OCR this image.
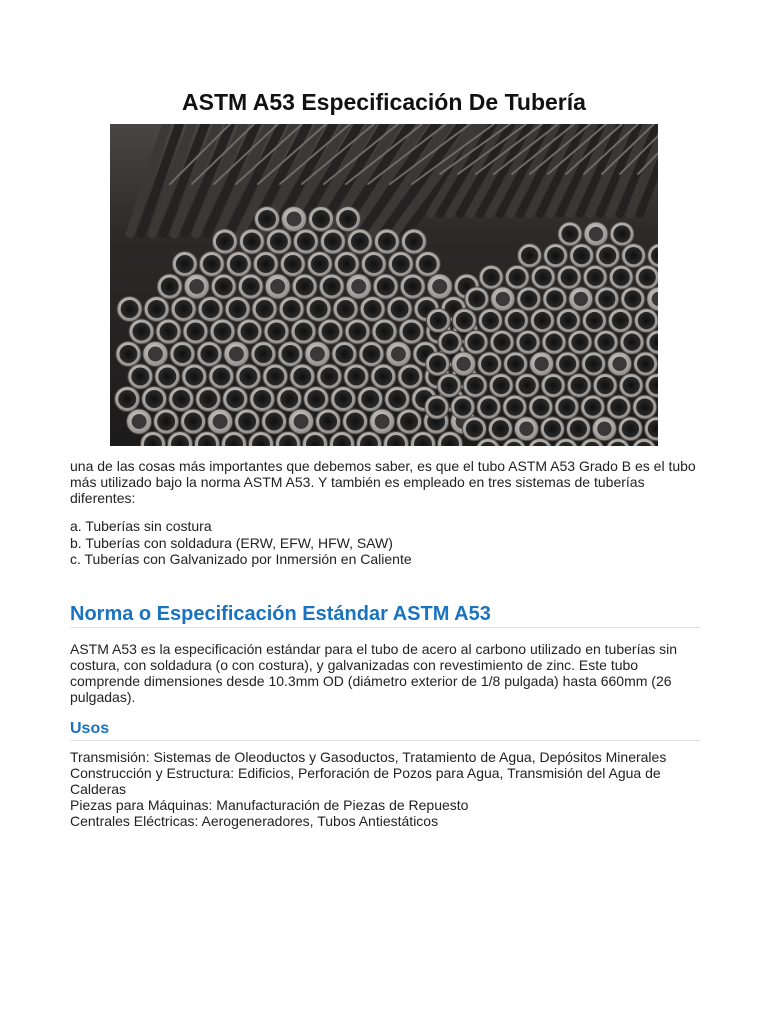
ASTM A53 Especificación De Tubería

una de las cosas más importantes que debemos saber, es que el tubo ASTM A53 Grado B es el tubo más utilizado bajo la norma ASTM A53. Y también es empleado en tres sistemas de tuberías diferentes:

a. Tuberías sin costura
b. Tuberías con soldadura (ERW, EFW, HFW, SAW)
c. Tuberías con Galvanizado por Inmersión en Caliente
Norma o Especificación Estándar ASTM A53

ASTM A53 es la especificación estándar para el tubo de acero al carbono utilizado en tuberías sin costura, con soldadura (o con costura), y galvanizadas con revestimiento de zinc. Este tubo comprende dimensiones desde 10.3mm OD (diámetro exterior de 1/8 pulgada) hasta 660mm (26 pulgadas).

Usos
Transmisión: Sistemas de Oleoductos y Gasoductos, Tratamiento de Agua, Depósitos Minerales
Construcción y Estructura: Edificios, Perforación de Pozos para Agua, Transmisión del Agua de Calderas
Piezas para Máquinas: Manufacturación de Piezas de Repuesto
Centrales Eléctricas: Aerogeneradores, Tubos Antiestáticos
